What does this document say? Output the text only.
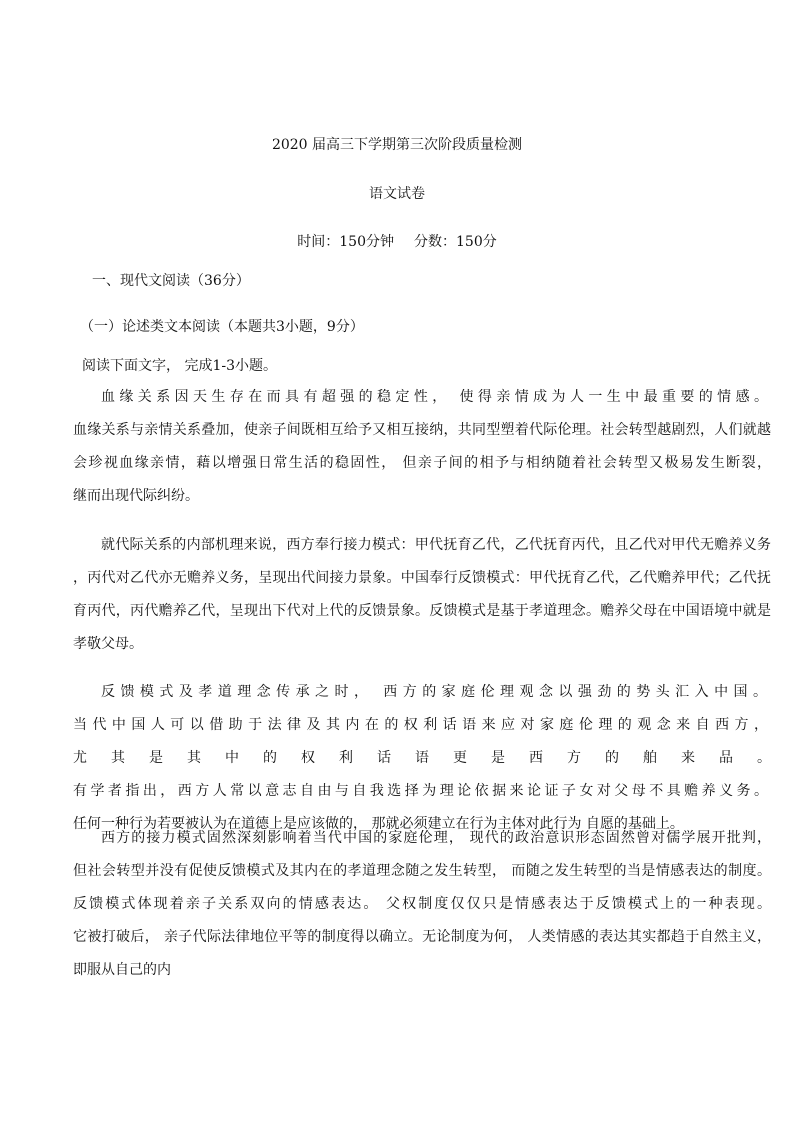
2020 届高三下学期第三次阶段质量检测
语文试卷
时间：150分钟 分数：150分
一、现代文阅读（36分）
（一）论述类文本阅读（本题共3小题，9分）
阅读下面文字， 完成1-3小题。

血缘关系因天生存在而具有超强的稳定性， 使得亲情成为人一生中最重要的情感。

血缘关系与亲情关系叠加，使亲子间既相互给予又相互接纳，共同型塑着代际伦理。社会转型越剧烈，人们就越

会珍视血缘亲情，藉以增强日常生活的稳固性， 但亲子间的相予与相纳随着社会转型又极易发生断裂，

继而出现代际纠纷。

就代际关系的内部机理来说，西方奉行接力模式：甲代抚育乙代，乙代抚育丙代，且乙代对甲代无赡养义务

，丙代对乙代亦无赡养义务，呈现出代间接力景象。中国奉行反馈模式：甲代抚育乙代，乙代赡养甲代；乙代抚

育丙代，丙代赡养乙代，呈现出下代对上代的反馈景象。反馈模式是基于孝道理念。赡养父母在中国语境中就是

孝敬父母。

反馈模式及孝道理念传承之时， 西方的家庭伦理观念以强劲的势头汇入中国。

当代中国人可以借助于法律及其内在的权利话语来应对家庭伦理的观念来自西方，

尤其是其中的权利话语更是西方的舶来品。

有学者指出，西方人常以意志自由与自我选择为理论依据来论证子女对父母不具赡养义务。

任何一种行为若要被认为在道德上是应该做的， 那就必须建立在行为主体对此行为 自愿的基础上。

西方的接力模式固然深刻影响着当代中国的家庭伦理， 现代的政治意识形态固然曾对儒学展开批判，

但社会转型并没有促使反馈模式及其内在的孝道理念随之发生转型， 而随之发生转型的当是情感表达的制度。

反馈模式体现着亲子关系双向的情感表达。 父权制度仅仅只是情感表达于反馈模式上的一种表现。

它被打破后， 亲子代际法律地位平等的制度得以确立。无论制度为何， 人类情感的表达其实都趋于自然主义，

即服从自己的内
